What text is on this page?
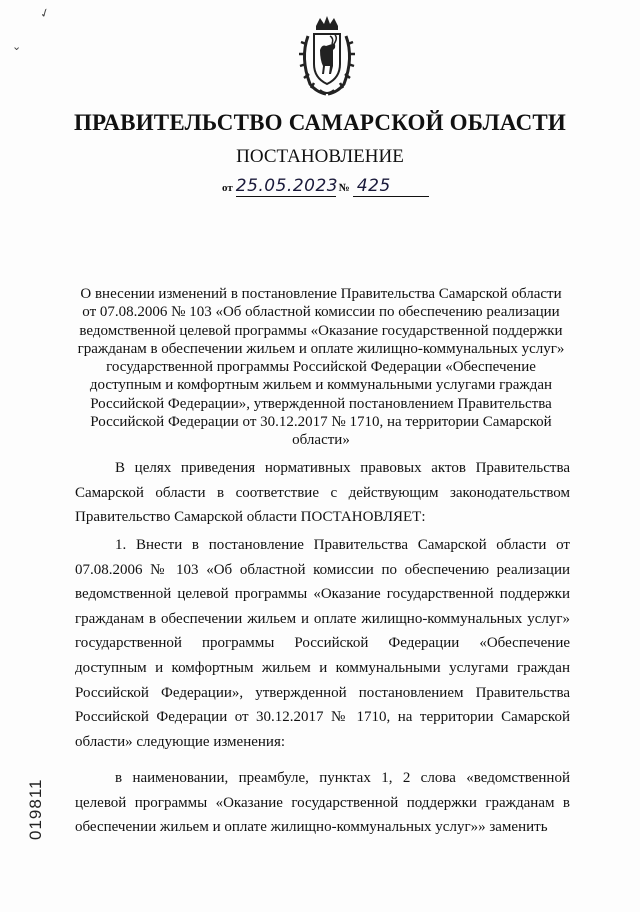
✓
⌄
ПРАВИТЕЛЬСТВО САМАРСКОЙ ОБЛАСТИ
ПОСТАНОВЛЕНИЕ
от 25.05.2023 № 425
О внесении изменений в постановление Правительства Самарской области от 07.08.2006 № 103 «Об областной комиссии по обеспечению реализации ведомственной целевой программы «Оказание государственной поддержки гражданам в обеспечении жильем и оплате жилищно-коммунальных услуг» государственной программы Российской Федерации «Обеспечение доступным и комфортным жильем и коммунальными услугами граждан Российской Федерации», утвержденной постановлением Правительства Российской Федерации от 30.12.2017 № 1710, на территории Самарской области»
В целях приведения нормативных правовых актов Правительства Самарской области в соответствие с действующим законодательством Правительство Самарской области ПОСТАНОВЛЯЕТ:
1. Внести в постановление Правительства Самарской области от 07.08.2006 № 103 «Об областной комиссии по обеспечению реализации ведомственной целевой программы «Оказание государственной поддержки гражданам в обеспечении жильем и оплате жилищно-коммунальных услуг» государственной программы Российской Федерации «Обеспечение доступным и комфортным жильем и коммунальными услугами граждан Российской Федерации», утвержденной постановлением Правительства Российской Федерации от 30.12.2017 № 1710, на территории Самарской области» следующие изменения:
в наименовании, преамбуле, пунктах 1, 2 слова «ведомственной целевой программы «Оказание государственной поддержки гражданам в обеспечении жильем и оплате жилищно-коммунальных услуг»» заменить
019811
